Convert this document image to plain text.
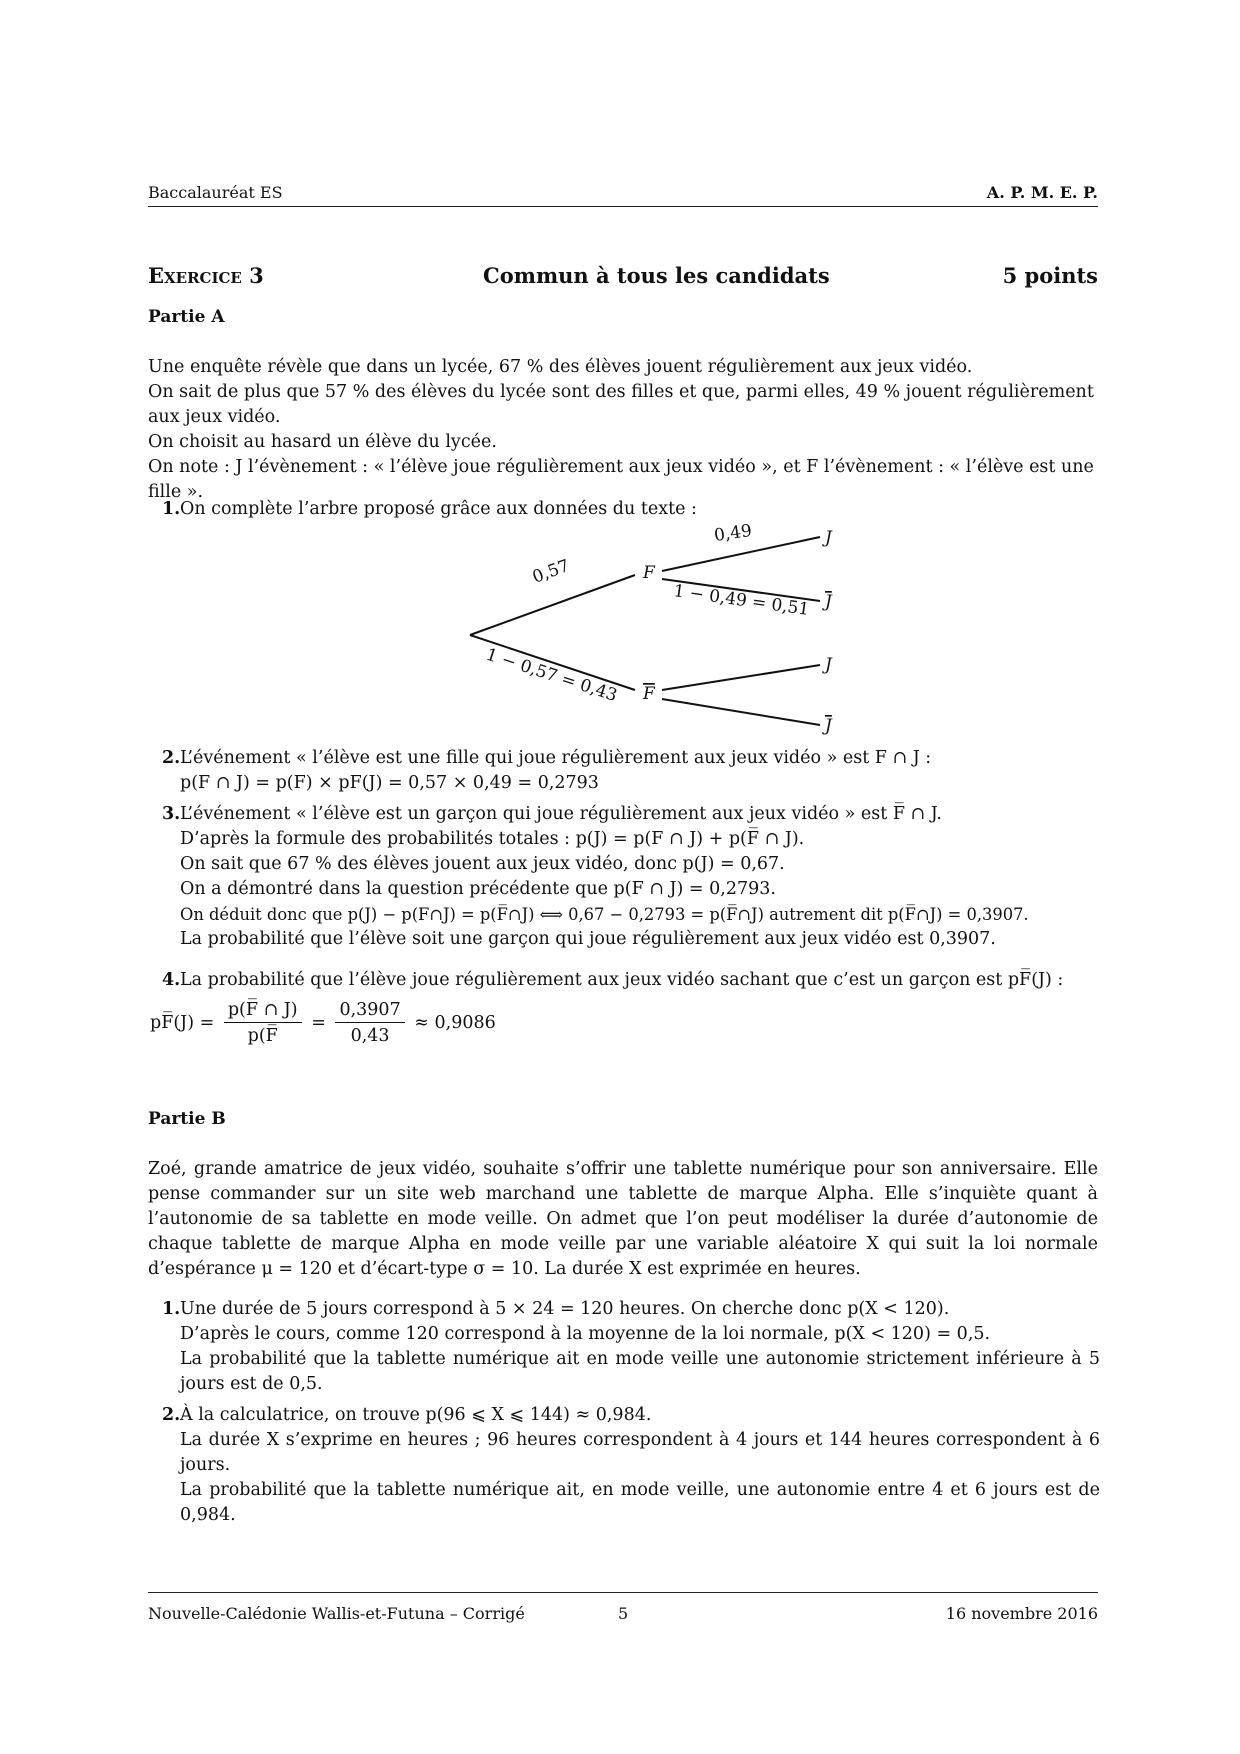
Baccalauréat ES	A. P. M. E. P.
Exercice 3	Commun à tous les candidats	5 points
Partie A
Une enquête révèle que dans un lycée, 67 % des élèves jouent régulièrement aux jeux vidéo.
On sait de plus que 57 % des élèves du lycée sont des filles et que, parmi elles, 49 % jouent régulièrement aux jeux vidéo.
On choisit au hasard un élève du lycée.
On note : J l’évènement : « l’élève joue régulièrement aux jeux vidéo », et F l’évènement : « l’élève est une fille ».
1. On complète l’arbre proposé grâce aux données du texte :
F
F
J
J
J
J
0,57
1 − 0,57 = 0,43
0,49
1 − 0,49 = 0,51
2. L’événement « l’élève est une fille qui joue régulièrement aux jeux vidéo » est F ∩ J :
p(F ∩ J) = p(F) × pF(J) = 0,57 × 0,49 = 0,2793
3. L’événement « l’élève est un garçon qui joue régulièrement aux jeux vidéo » est F̅ ∩ J.
D’après la formule des probabilités totales : p(J) = p(F ∩ J) + p(F̅ ∩ J).
On sait que 67 % des élèves jouent aux jeux vidéo, donc p(J) = 0,67.
On a démontré dans la question précédente que p(F ∩ J) = 0,2793.
On déduit donc que p(J) − p(F∩J) = p(F̅∩J) ⟺ 0,67 − 0,2793 = p(F̅∩J) autrement dit p(F̅∩J) = 0,3907.
La probabilité que l’élève soit une garçon qui joue régulièrement aux jeux vidéo est 0,3907.
4. La probabilité que l’élève joue régulièrement aux jeux vidéo sachant que c’est un garçon est pF̅(J) :
pF̅(J) = $\frac{p(F̅ \cap J)}{p(F̅} = \frac{0,3907}{0,43} \approx 0,9086$
Partie B
Zoé, grande amatrice de jeux vidéo, souhaite s’offrir une tablette numérique pour son anniversaire. Elle pense commander sur un site web marchand une tablette de marque Alpha. Elle s’inquiète quant à l’autonomie de sa tablette en mode veille. On admet que l’on peut modéliser la durée d’autonomie de chaque tablette de marque Alpha en mode veille par une variable aléatoire X qui suit la loi normale d’espérance μ = 120 et d’écart-type σ = 10. La durée X est exprimée en heures.
1. Une durée de 5 jours correspond à 5 × 24 = 120 heures. On cherche donc p(X < 120).
D’après le cours, comme 120 correspond à la moyenne de la loi normale, p(X < 120) = 0,5.
La probabilité que la tablette numérique ait en mode veille une autonomie strictement inférieure à 5 jours est de 0,5.
2. À la calculatrice, on trouve p(96 ⩽ X ⩽ 144) ≈ 0,984.
La durée X s’exprime en heures ; 96 heures correspondent à 4 jours et 144 heures correspondent à 6 jours.
La probabilité que la tablette numérique ait, en mode veille, une autonomie entre 4 et 6 jours est de 0,984.
Nouvelle-Calédonie Wallis-et-Futuna – Corrigé	5	16 novembre 2016
